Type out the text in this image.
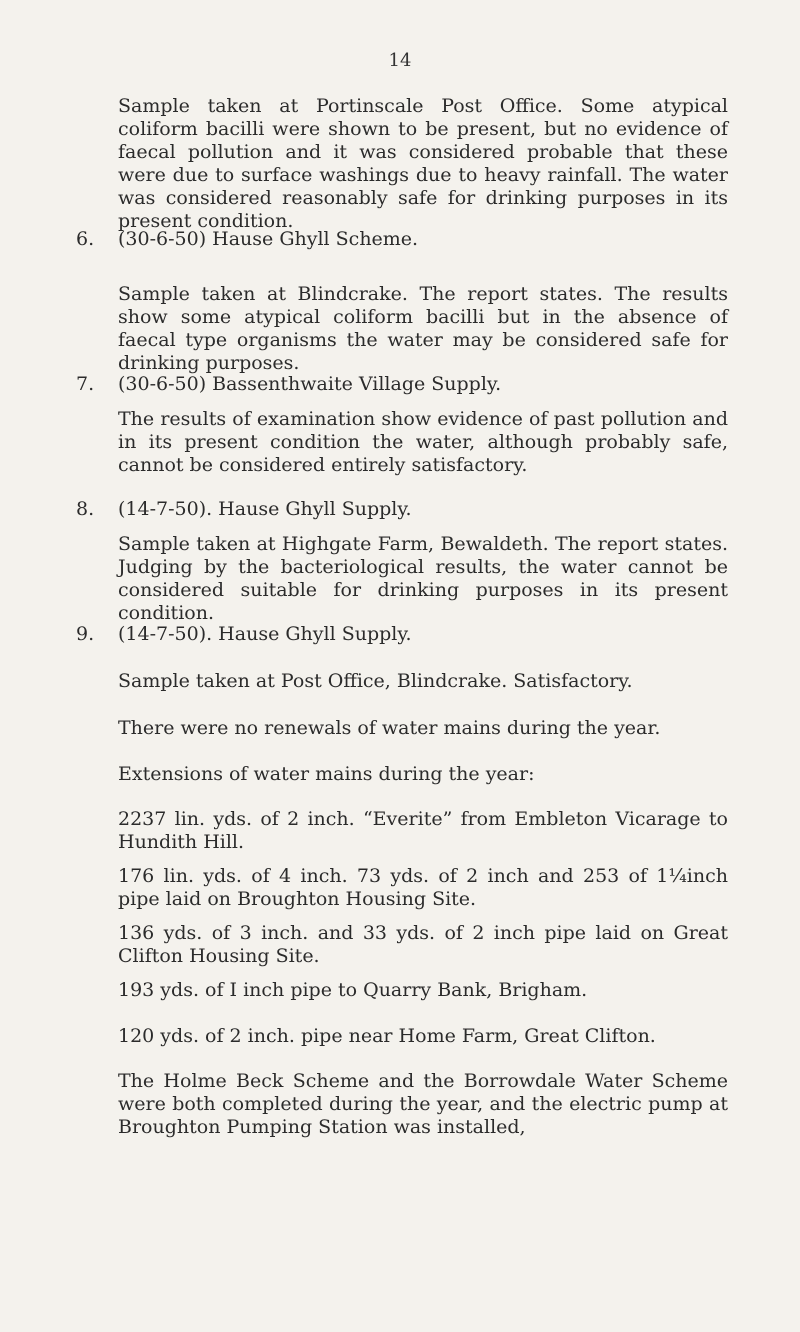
14

Sample taken at Portinscale Post Office. Some atypical coliform bacilli were shown to be present, but no evidence of faecal pollution and it was considered probable that these were due to surface washings due to heavy rainfall. The water was considered reasonably safe for drinking purposes in its present condition.

6. (30-6-50) Hause Ghyll Scheme.

Sample taken at Blindcrake. The report states. The results show some atypical coliform bacilli but in the absence of faecal type organisms the water may be considered safe for drinking purposes.

7. (30-6-50) Bassenthwaite Village Supply.

The results of examination show evidence of past pollution and in its present condition the water, although probably safe, cannot be considered entirely satisfactory.

8. (14-7-50). Hause Ghyll Supply.

Sample taken at Highgate Farm, Bewaldeth. The report states. Judging by the bacteriological results, the water cannot be considered suitable for drinking purposes in its present condition.

9. (14-7-50). Hause Ghyll Supply.

Sample taken at Post Office, Blindcrake. Satisfactory.

There were no renewals of water mains during the year.

Extensions of water mains during the year:

2237 lin. yds. of 2 inch. “Everite” from Embleton Vicarage to Hundith Hill.

176 lin. yds. of 4 inch. 73 yds. of 2 inch and 253 of 1¼inch pipe laid on Broughton Housing Site.

136 yds. of 3 inch. and 33 yds. of 2 inch pipe laid on Great Clifton Housing Site.

193 yds. of I inch pipe to Quarry Bank, Brigham.

120 yds. of 2 inch. pipe near Home Farm, Great Clifton.

The Holme Beck Scheme and the Borrowdale Water Scheme were both completed during the year, and the electric pump at Broughton Pumping Station was installed,
